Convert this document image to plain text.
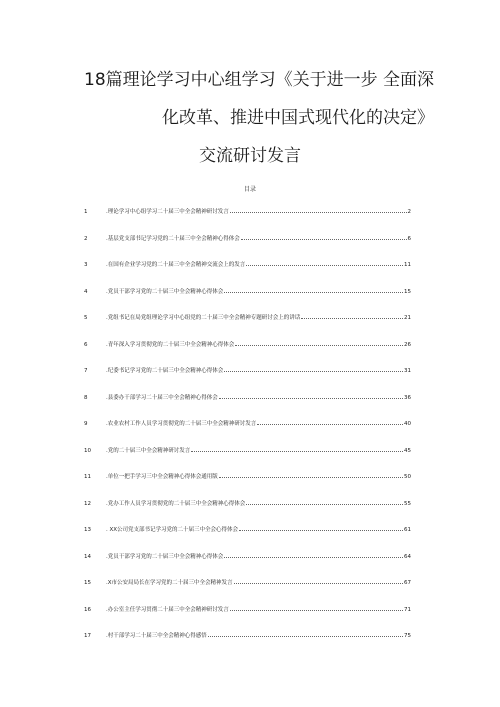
18篇理论学习中心组学习《关于进一步 全面深
化改革、推进中国式现代化的决定》
交流研讨发言
目录
1	.理论学习中心组学习二十届三中全会精神研讨发言	2
2	.基层党支部书记学习党的二十届三中全会精神心得体会	6
3	.在国有企业学习党的二十届三中全会精神交流会上的发言	11
4	.党员干部学习党的二十届三中全会精神心得体会	15
5	.党组书记在局党组理论学习中心组党的二十届三中全会精神专题研讨会上的讲话	21
6	.青年深入学习贯彻党的二十届三中全会精神心得体会	26
7	.纪委书记学习党的二十届三中全会精神心得体会	31
8	.县委办干部学习二十届三中全会精神心得体会	36
9	.农业农村工作人员学习贯彻党的二十届三中全会精神研讨发言	40
10	.党的二十届三中全会精神研讨发言	45
11	.单位一把手学习三中全会精神心得体会通用版	50
12	.党办工作人员学习贯彻党的二十届三中全会精神心得体会	55
13	. XX公司党支部书记学习党的二十届三中全会心得体会	61
14	.党员干部学习党的二十届三中全会精神心得体会	64
15	.X市公安局局长在学习党的二十届三中全会精神发言	67
16	.办公室主任学习贯彻二十届三中全会精神研讨发言	71
17	.村干部学习二十届三中全会精神心得感悟	75
